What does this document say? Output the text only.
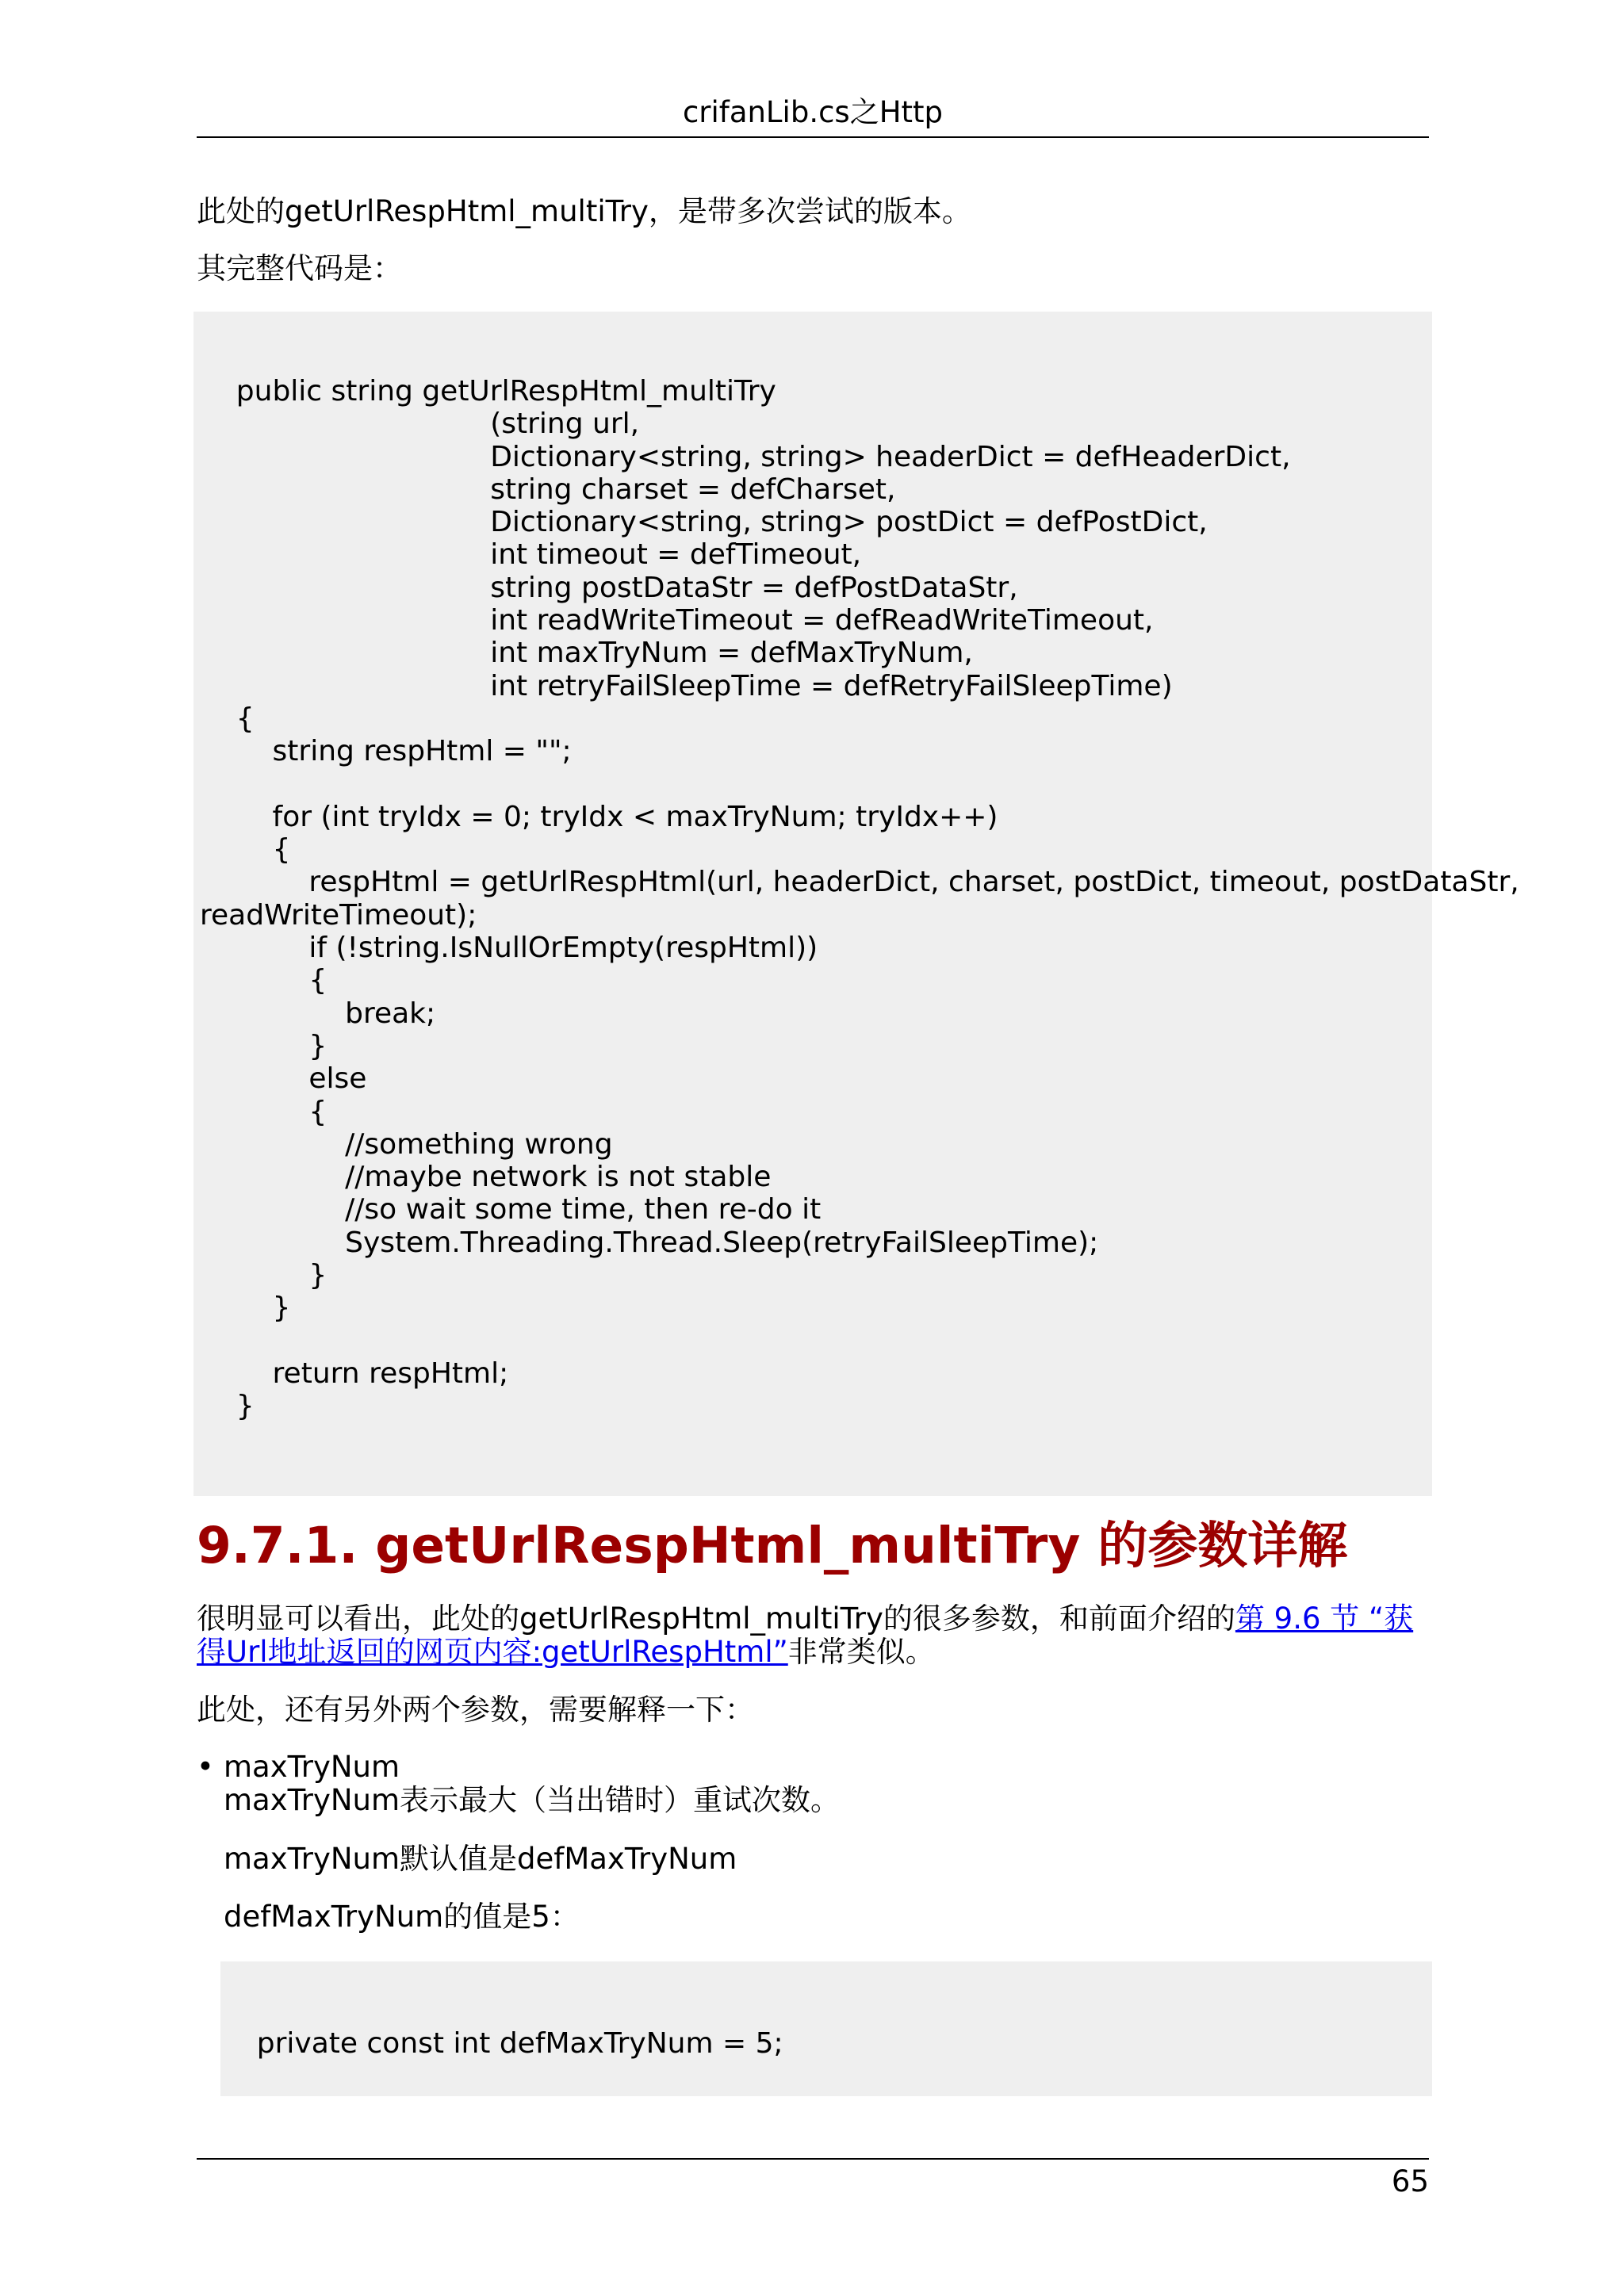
crifanLib.cs之Http

此处的getUrlRespHtml_multiTry，是带多次尝试的版本。

其完整代码是：

public string getUrlRespHtml_multiTry
(string url,
Dictionary<string, string> headerDict = defHeaderDict,
string charset = defCharset,
Dictionary<string, string> postDict = defPostDict,
int timeout = defTimeout,
string postDataStr = defPostDataStr,
int readWriteTimeout = defReadWriteTimeout,
int maxTryNum = defMaxTryNum,
int retryFailSleepTime = defRetryFailSleepTime)
{
string respHtml = "";

for (int tryIdx = 0; tryIdx < maxTryNum; tryIdx++)
{
respHtml = getUrlRespHtml(url, headerDict, charset, postDict, timeout, postDataStr,
readWriteTimeout);
if (!string.IsNullOrEmpty(respHtml))
{
break;
}
else
{
//something wrong
//maybe network is not stable
//so wait some time, then re-do it
System.Threading.Thread.Sleep(retryFailSleepTime);
}
}

return respHtml;
}
9.7.1. getUrlRespHtml_multiTry 的参数详解

很明显可以看出，此处的getUrlRespHtml_multiTry的很多参数，和前面介绍的第 9.6 节 “获得Url地址返回的网页内容:getUrlRespHtml”非常类似。

此处，还有另外两个参数，需要解释一下：

• maxTryNum

maxTryNum表示最大（当出错时）重试次数。

maxTryNum默认值是defMaxTryNum

defMaxTryNum的值是5：

private const int defMaxTryNum = 5;
65
